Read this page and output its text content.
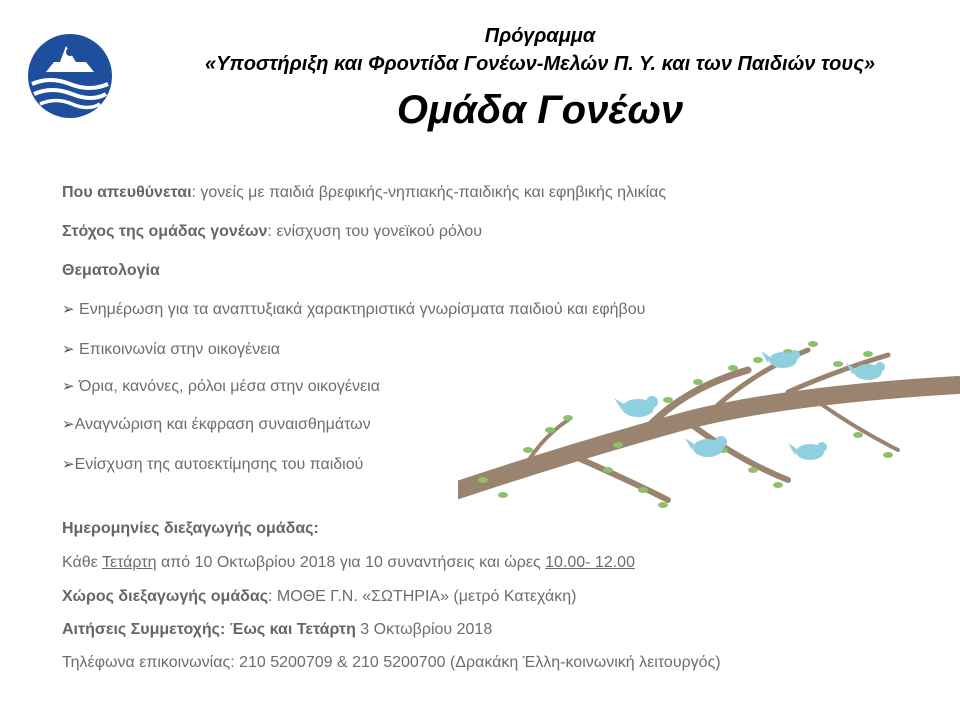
Πρόγραμμα
«Υποστήριξη και Φροντίδα Γονέων-Μελών Π. Υ. και των Παιδιών τους»
Ομάδα Γονέων
Που απευθύνεται: γονείς με παιδιά βρεφικής-νηπιακής-παιδικής και εφηβικής ηλικίας
Στόχος της ομάδας γονέων: ενίσχυση του γονεϊκού ρόλου
Θεματολογία
➢ Ενημέρωση για τα αναπτυξιακά χαρακτηριστικά γνωρίσματα παιδιού και εφήβου
➢ Επικοινωνία στην οικογένεια
➢ Όρια, κανόνες, ρόλοι μέσα στην οικογένεια
➢Αναγνώριση και έκφραση συναισθημάτων
➢Ενίσχυση της αυτοεκτίμησης του παιδιού
Ημερομηνίες διεξαγωγής ομάδας:
Κάθε Τετάρτη από 10 Οκτωβρίου 2018 για 10 συναντήσεις και ώρες 10.00- 12.00
Χώρος διεξαγωγής ομάδας: ΜΟΘΕ Γ.Ν. «ΣΩΤΗΡΙΑ» (μετρό Κατεχάκη)
Αιτήσεις Συμμετοχής: Έως και Τετάρτη 3 Οκτωβρίου 2018
Τηλέφωνα επικοινωνίας: 210 5200709 & 210 5200700 (Δρακάκη Έλλη-κοινωνική λειτουργός)
